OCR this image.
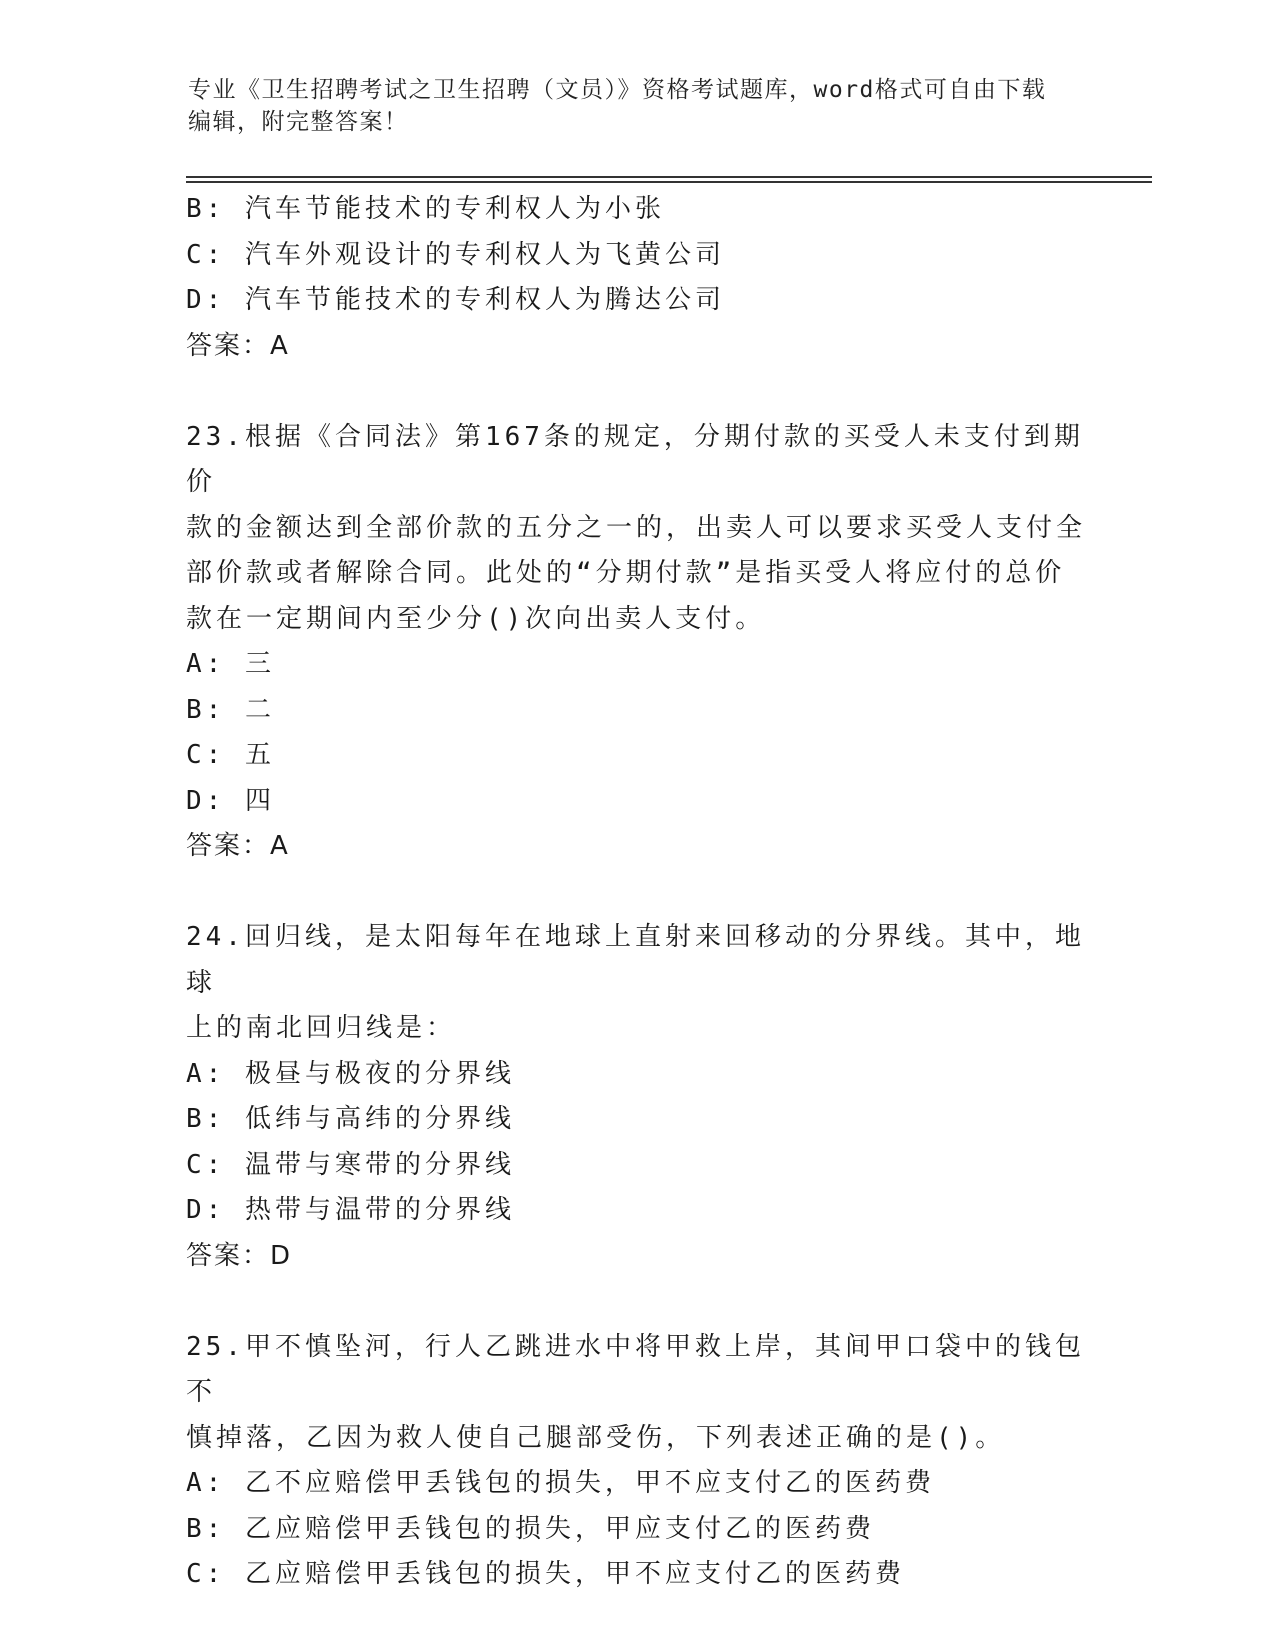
专业《卫生招聘考试之卫生招聘（文员）》资格考试题库，word格式可自由下载
编辑，附完整答案！
B: 汽车节能技术的专利权人为小张
C: 汽车外观设计的专利权人为飞黄公司
D: 汽车节能技术的专利权人为腾达公司
答案：A
23.根据《合同法》第167条的规定，分期付款的买受人未支付到期价
款的金额达到全部价款的五分之一的，出卖人可以要求买受人支付全
部价款或者解除合同。此处的“分期付款”是指买受人将应付的总价
款在一定期间内至少分()次向出卖人支付。
A: 三
B: 二
C: 五
D: 四
答案：A
24.回归线，是太阳每年在地球上直射来回移动的分界线。其中，地球
上的南北回归线是：
A: 极昼与极夜的分界线
B: 低纬与高纬的分界线
C: 温带与寒带的分界线
D: 热带与温带的分界线
答案：D
25.甲不慎坠河，行人乙跳进水中将甲救上岸，其间甲口袋中的钱包不
慎掉落，乙因为救人使自己腿部受伤，下列表述正确的是()。
A: 乙不应赔偿甲丢钱包的损失，甲不应支付乙的医药费
B: 乙应赔偿甲丢钱包的损失，甲应支付乙的医药费
C: 乙应赔偿甲丢钱包的损失，甲不应支付乙的医药费
